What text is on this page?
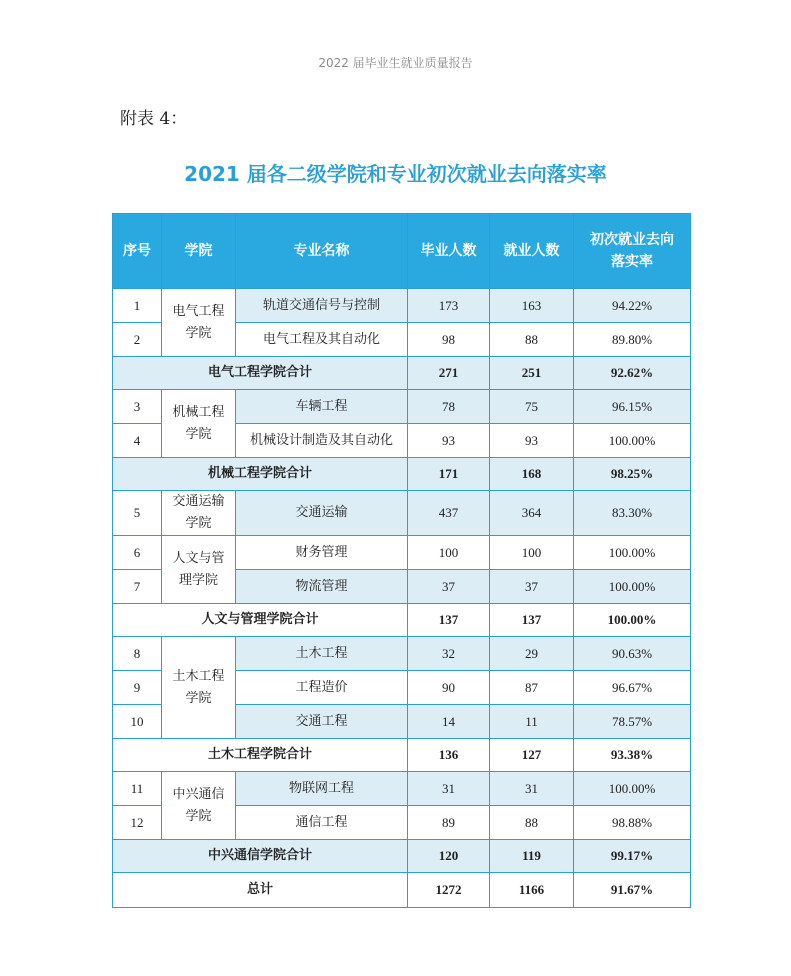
2022 届毕业生就业质量报告
附表 4：
2021 届各二级学院和专业初次就业去向落实率
序号	学院	专业名称	毕业人数	就业人数	初次就业去向落实率
1	电气工程学院	轨道交通信号与控制	173	163	94.22%
2		电气工程及其自动化	98	88	89.80%
电气工程学院合计			271	251	92.62%
3	机械工程学院	车辆工程	78	75	96.15%
4		机械设计制造及其自动化	93	93	100.00%
机械工程学院合计			171	168	98.25%
5	交通运输学院	交通运输	437	364	83.30%
6	人文与管理学院	财务管理	100	100	100.00%
7		物流管理	37	37	100.00%
人文与管理学院合计			137	137	100.00%
8	土木工程学院	土木工程	32	29	90.63%
9		工程造价	90	87	96.67%
10		交通工程	14	11	78.57%
土木工程学院合计			136	127	93.38%
11	中兴通信学院	物联网工程	31	31	100.00%
12		通信工程	89	88	98.88%
中兴通信学院合计			120	119	99.17%
总计			1272	1166	91.67%
